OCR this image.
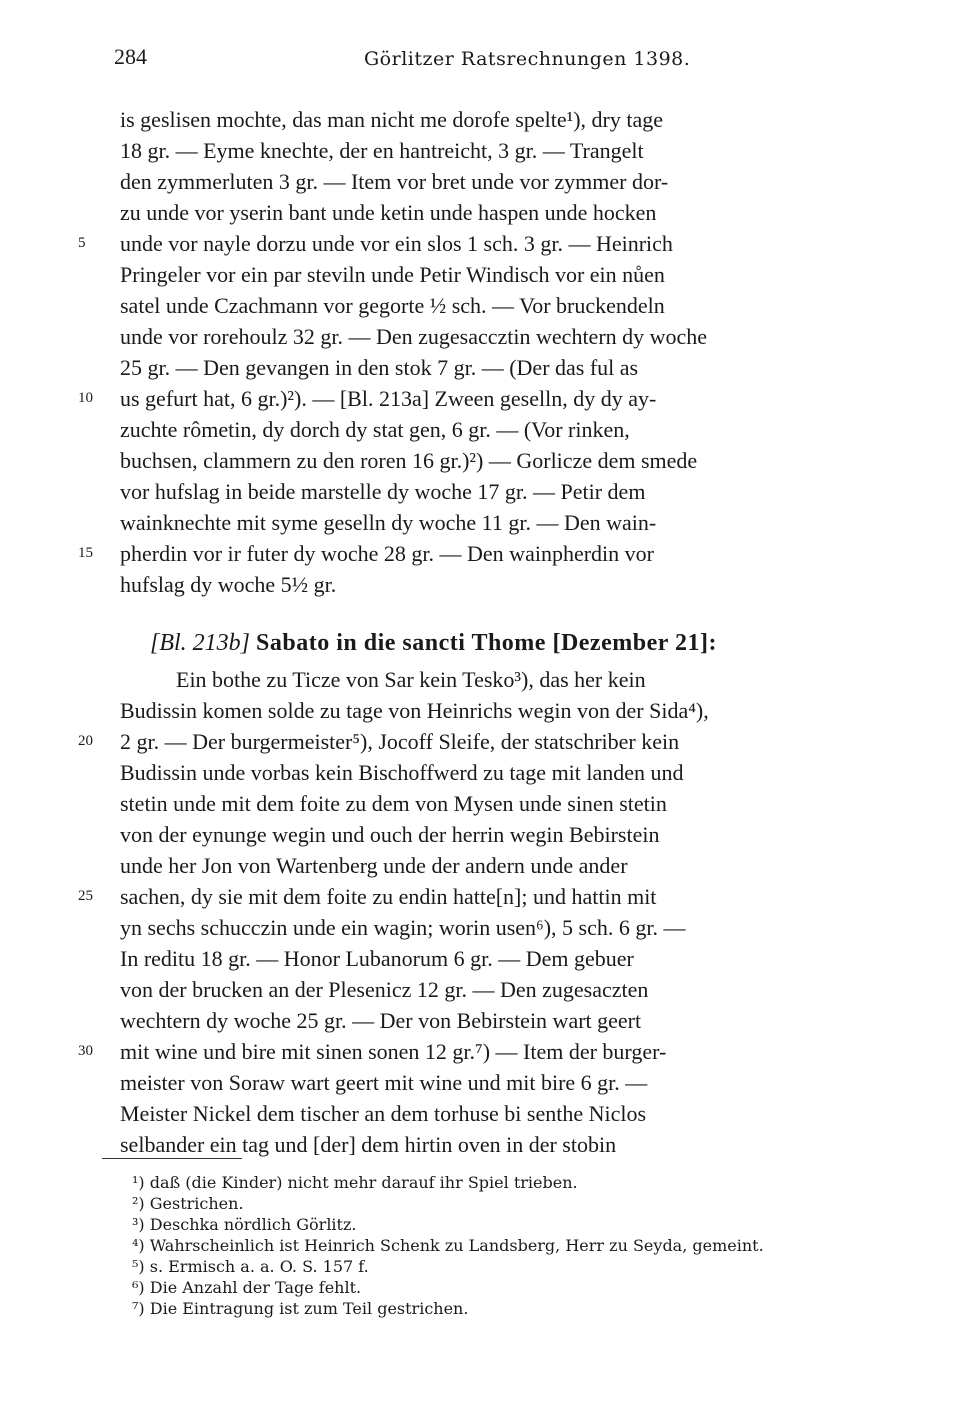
284	Görlitzer Ratsrechnungen 1398.
is geslisen mochte, das man nicht me dorofe spelte¹), dry tage
18 gr. — Eyme knechte, der en hantreicht, 3 gr. — Trangelt
den zymmerluten 3 gr. — Item vor bret unde vor zymmer dor-
zu unde vor yserin bant unde ketin unde haspen unde hocken
5	unde vor nayle dorzu unde vor ein slos 1 sch. 3 gr. — Heinrich
Pringeler vor ein par steviln unde Petir Windisch vor ein nůen
satel unde Czachmann vor gegorte ½ sch. — Vor bruckendeln
unde vor rorehoulz 32 gr. — Den zugesacсztin wechtern dy woche
25 gr. — Den gevangen in den stok 7 gr. — (Der das ful as
10	us gefurt hat, 6 gr.)²). — [Bl. 213a] Zween geselln, dy dy ay-
zuchte rômetin, dy dorch dy stat gen, 6 gr. — (Vor rinken,
buchsen, clammern zu den roren 16 gr.)²) — Gorlicze dem smede
vor hufslag in beide marstelle dy woche 17 gr. — Petir dem
wainknechte mit syme geselln dy woche 11 gr. — Den wain-
15	pherdin vor ir futer dy woche 28 gr. — Den wainpherdin vor
hufslag dy woche 5½ gr.
[Bl. 213b] Sabato in die sancti Thome [Dezember 21]:
Ein bothe zu Ticze von Sar kein Tesko³), das her kein
Budissin komen solde zu tage von Heinrichs wegin von der Sida⁴),
20	2 gr. — Der burgermeister⁵), Jocoff Sleife, der statschriber kein
Budissin unde vorbas kein Bischoffwerd zu tage mit landen und
stetin unde mit dem foite zu dem von Mysen unde sinen stetin
von der eynunge wegin und ouch der herrin wegin Bebirstein
unde her Jon von Wartenberg unde der andern unde ander
25	sachen, dy sie mit dem foite zu endin hatte[n]; und hattin mit
yn sechs schucczin unde ein wagin; worin usen⁶), 5 sch. 6 gr. —
In reditu 18 gr. — Honor Lubanorum 6 gr. — Dem gebuer
von der brucken an der Plesenicz 12 gr. — Den zugesaczten
wechtern dy woche 25 gr. — Der von Bebirstein wart geert
30	mit wine und bire mit sinen sonen 12 gr.⁷) — Item der burger-
meister von Soraw wart geert mit wine und mit bire 6 gr. —
Meister Nickel dem tischer an dem torhuse bi senthe Niclos
selbander ein tag und [der] dem hirtin oven in der stobin
¹) daß (die Kinder) nicht mehr darauf ihr Spiel trieben.
²) Gestrichen.
³) Deschka nördlich Görlitz.
⁴) Wahrscheinlich ist Heinrich Schenk zu Landsberg, Herr zu Seyda, gemeint.
⁵) s. Ermisch a. a. O. S. 157 f.
⁶) Die Anzahl der Tage fehlt.
⁷) Die Eintragung ist zum Teil gestrichen.
